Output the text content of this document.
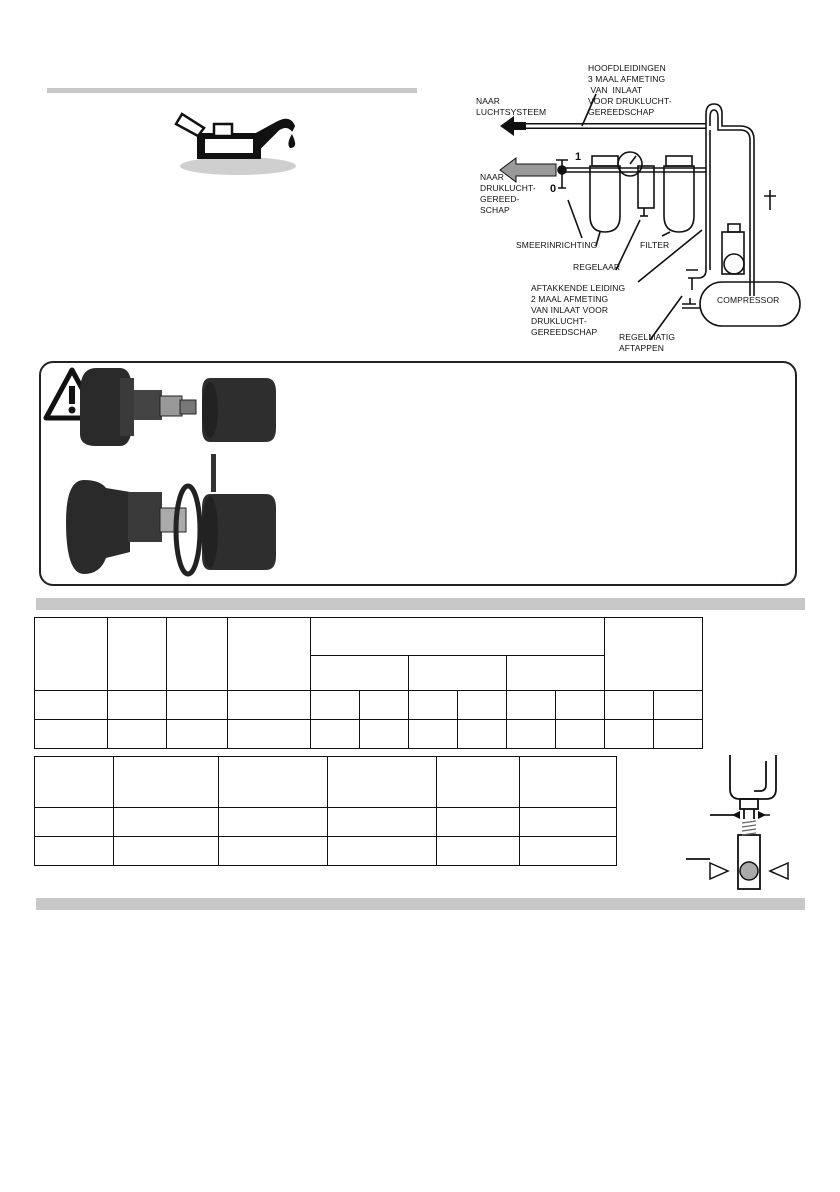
1
0
HOOFDLEIDINGEN
3 MAAL AFMETING
VAN  INLAAT
VOOR DRUKLUCHT-
GEREEDSCHAP
NAAR
LUCHTSYSTEEM
NAAR
DRUKLUCHT-
GEREED-
SCHAP
SMEERINRICHTING
REGELAAR
FILTER
AFTAKKENDE LEIDING
2 MAAL AFMETING
VAN INLAAT VOOR
DRUKLUCHT-
GEREEDSCHAP
COMPRESSOR
REGELMATIG
AFTAPPEN
